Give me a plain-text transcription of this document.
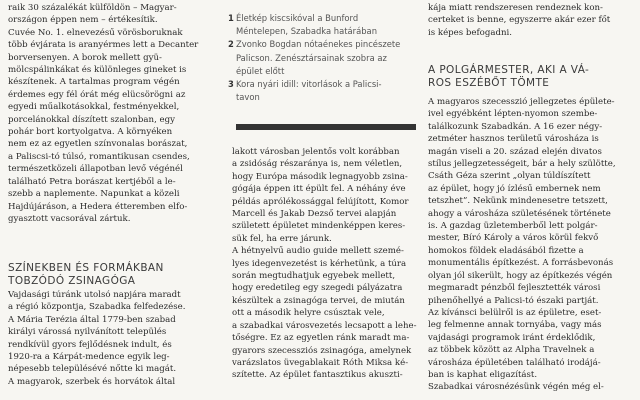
raik 30 százalékát külföldön – Magyar-
országon éppen nem – értékesítik.
Cuvée No. 1. elnevezésű vörösboruknak
több évjárata is aranyérmes lett a Decanter
borversenyen. A borok mellett gyü-
mölcspálinkákat és különleges gineket is
készítenek. A tartalmas program végén
érdemes egy fél órát még elücsörögni az
egyedi műalkotásokkal, festményekkel,
porcelánokkal díszített szalonban, egy
pohár bort kortyolgatva. A környéken
nem ez az egyetlen színvonalas borászat,
a Paliscsi-tó túlsó, romantikusan csendes,
természetközeli állapotban levő végénél
található Petra borászat kertjéből a le-
szebb a naplemente. Napunkat a közeli
Hajdújáráson, a Hedera étteremben elfo-
gyasztott vacsorával zártuk.
SZÍNEKBEN ÉS FORMÁKBAN
TOBZÓDÓ ZSINAGÓGA
Vajdasági túránk utolsó napjára maradt
a régió központja, Szabadka felfedezése.
A Mária Terézia által 1779-ben szabad
királyi várossá nyilvánított település
rendkívül gyors fejlődésnek indult, és
1920-ra a Kárpát-medence egyik leg-
népesebb településévé nőtte ki magát.
A magyarok, szerbek és horvátok által
1 Életkép kiscsikóval a Bunford
Méntelepen, Szabadka határában
2 Zvonko Bogdan nótaénekes pincészete
Palicson. Zenésztársainak szobra az
épület előtt
3 Kora nyári idill: vitorlások a Palicsi-
tavon
lakott városban jelentős volt korábban
a zsidóság részaránya is, nem véletlen,
hogy Európa második legnagyobb zsina-
gógája éppen itt épült fel. A néhány éve
példás aprólékossággal felújított, Komor
Marcell és Jakab Dezső tervei alapján
született épületet mindenképpen keres-
sük fel, ha erre járunk.
A hétnyelvű audio guide mellett szemé-
lyes idegenvezetést is kérhetünk, a túra
során megtudhatjuk egyebek mellett,
hogy eredetileg egy szegedi pályázatra
készültek a zsinagóga tervei, de miután
ott a második helyre csúsztak vele,
a szabadkai városvezetés lecsapott a lehe-
tőségre. Ez az egyetlen ránk maradt ma-
gyarors szecessziós zsinagóga, amelynek
varázslatos üvegablakait Róth Miksa ké-
szítette. Az épület fantasztikus akuszti-
kája miatt rendszeresen rendeznek kon-
certeket is benne, egyszerre akár ezer főt
is képes befogadni.
A POLGÁRMESTER, AKI A VÁ-
ROS ESZÉBŐT TÖMTE
A magyaros szecesszió jellegzetes épülete-
ivel egyébként lépten-nyomon szembe-
találkozunk Szabadkán. A 16 ezer négy-
zetméter hasznos területű városháza is
magán viseli a 20. század elején divatos
stílus jellegzetességeit, bár a hely szülötte,
Csáth Géza szerint „olyan túldíszített
az épület, hogy jó ízlésű embernek nem
tetszhet”. Nekünk mindenesetre tetszett,
ahogy a városháza születésének története
is. A gazdag üzletemberből lett polgár-
mester, Bíró Károly a város körül fekvő
homokos földek eladásából fizette a
monumentális építkezést. A forrásbevonás
olyan jól sikerült, hogy az építkezés végén
megmaradt pénzből fejlesztették városi
pihenőhellyé a Palicsi-tó északi partját.
Az kívánsci belülről is az épületre, eset-
leg felmenne annak tornyába, vagy más
vajdasági programok iránt érdeklődik,
az többek között az Alpha Travelnek a
városháza épületében található irodájá-
ban is kaphat eligazítást.
Szabadkai városnézésünk végén még el-
